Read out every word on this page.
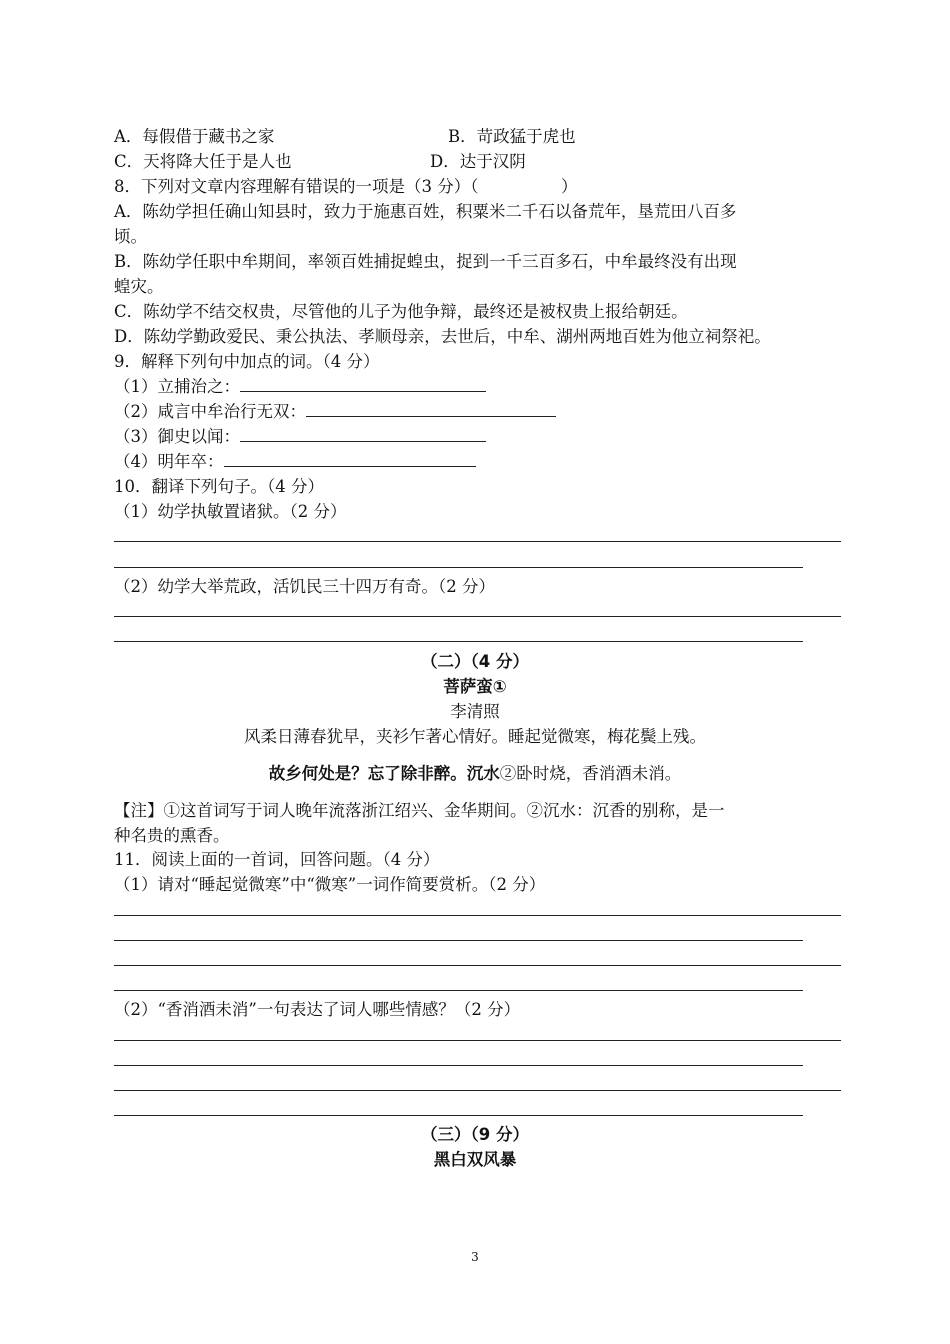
A．每假借于藏书之家	B．苛政猛于虎也
C．天将降大任于是人也	D．达于汉阴
8．下列对文章内容理解有错误的一项是（3 分）（　　　　　）
A．陈幼学担任确山知县时，致力于施惠百姓，积粟米二千石以备荒年，垦荒田八百多
顷。
B．陈幼学任职中牟期间，率领百姓捕捉蝗虫，捉到一千三百多石，中牟最终没有出现
蝗灾。
C．陈幼学不结交权贵，尽管他的儿子为他争辩，最终还是被权贵上报给朝廷。
D．陈幼学勤政爱民、秉公执法、孝顺母亲，去世后，中牟、湖州两地百姓为他立祠祭祀。
9．解释下列句中加点的词。（4 分）
（1）立捕治之：
（2）咸言中牟治行无双：
（3）御史以闻：
（4）明年卒：
10．翻译下列句子。（4 分）
（1）幼学执敏置诸狱。（2 分）
（2）幼学大举荒政，活饥民三十四万有奇。（2 分）
（二）（4 分）
菩萨蛮①
李清照
风柔日薄春犹早，夹衫乍著心情好。睡起觉微寒，梅花鬓上残。
故乡何处是？忘了除非醉。沉水②卧时烧，香消酒未消。
【注】①这首词写于词人晚年流落浙江绍兴、金华期间。②沉水：沉香的别称，是一
种名贵的熏香。
11．阅读上面的一首词，回答问题。（4 分）
（1）请对“睡起觉微寒”中“微寒”一词作简要赏析。（2 分）
（2）“香消酒未消”一句表达了词人哪些情感？（2 分）
（三）（9 分）
黑白双风暴
3
